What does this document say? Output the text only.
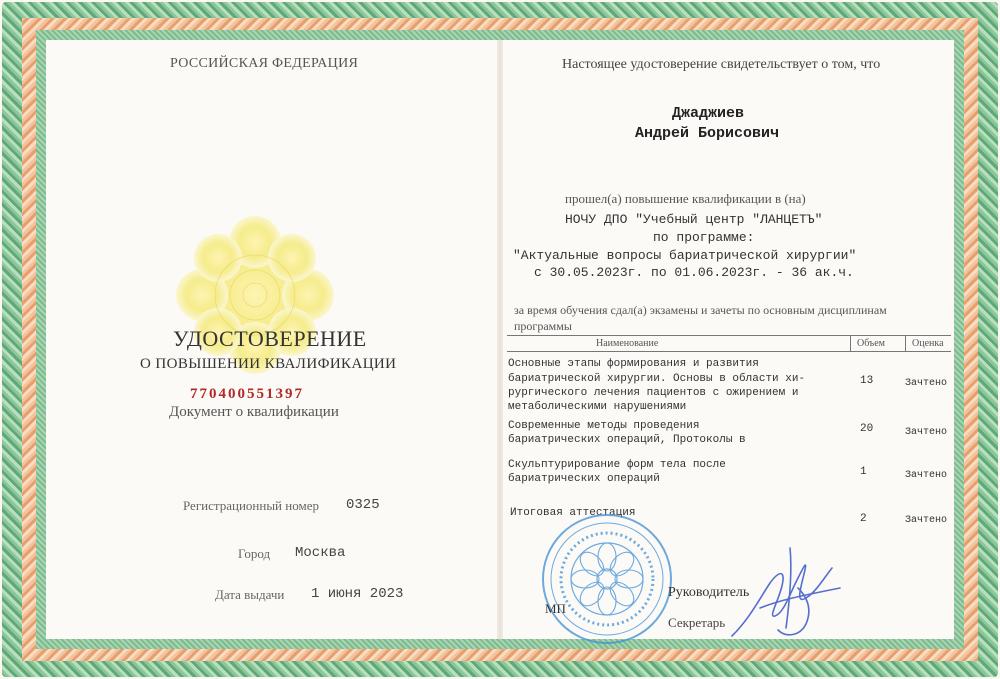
РОССИЙСКАЯ ФЕДЕРАЦИЯ
УДОСТОВЕРЕНИЕ
О ПОВЫШЕНИИ КВАЛИФИКАЦИИ
770400551397
Документ о квалификации
Регистрационный номер 0325
Город Москва
Дата выдачи 1 июня 2023
Настоящее удостоверение свидетельствует о том, что
Джаджиев
Андрей Борисович
прошел(а) повышение квалификации в (на)
НОЧУ ДПО "Учебный центр "ЛАНЦЕТЪ"
по программе:
"Актуальные вопросы бариатрической хирургии"
с 30.05.2023г. по 01.06.2023г. - 36 ак.ч.
за время обучения сдал(а) экзамены и зачеты по основным дисциплинам
программы
Наименование	Объем	Оценка
Основные этапы формирования и развития
бариатрической хирургии. Основы в области хи-
рургического лечения пациентов с ожирением и
метаболическими нарушениями
13	Зачтено
Современные методы проведения
бариатрических операций, Протоколы в
20	Зачтено
Скульптурирование форм тела после
бариатрических операций
1	Зачтено
Итоговая аттестация	2	Зачтено
МП
Руководитель
Секретарь
